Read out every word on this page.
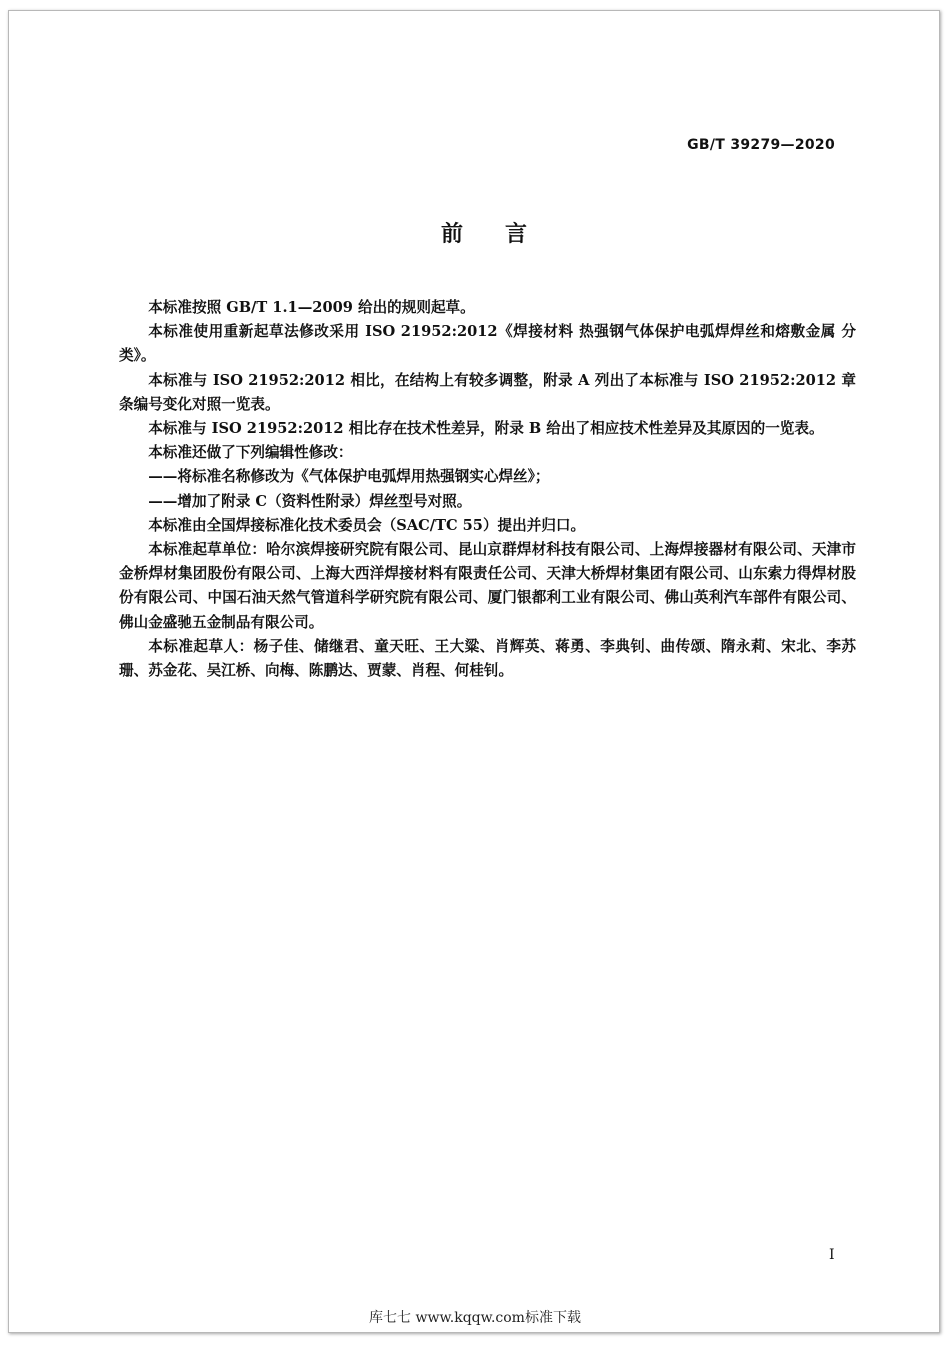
GB/T 39279—2020
前言

本标准按照 GB/T 1.1—2009 给出的规则起草。

本标准使用重新起草法修改采用 ISO 21952:2012《焊接材料 热强钢气体保护电弧焊焊丝和熔敷金属 分类》。

本标准与 ISO 21952:2012 相比，在结构上有较多调整，附录 A 列出了本标准与 ISO 21952:2012 章条编号变化对照一览表。

本标准与 ISO 21952:2012 相比存在技术性差异，附录 B 给出了相应技术性差异及其原因的一览表。

本标准还做了下列编辑性修改：

——将标准名称修改为《气体保护电弧焊用热强钢实心焊丝》；

——增加了附录 C（资料性附录）焊丝型号对照。

本标准由全国焊接标准化技术委员会（SAC/TC 55）提出并归口。

本标准起草单位：哈尔滨焊接研究院有限公司、昆山京群焊材科技有限公司、上海焊接器材有限公司、天津市金桥焊材集团股份有限公司、上海大西洋焊接材料有限责任公司、天津大桥焊材集团有限公司、山东索力得焊材股份有限公司、中国石油天然气管道科学研究院有限公司、厦门银都利工业有限公司、佛山英利汽车部件有限公司、佛山金盛驰五金制品有限公司。

本标准起草人：杨子佳、储继君、童天旺、王大粱、肖辉英、蒋勇、李典钊、曲传颂、隋永莉、宋北、李苏珊、苏金花、吴江桥、向梅、陈鹏达、贾蒙、肖程、何桂钊。

I
库七七 www.kqqw.com标准下载
